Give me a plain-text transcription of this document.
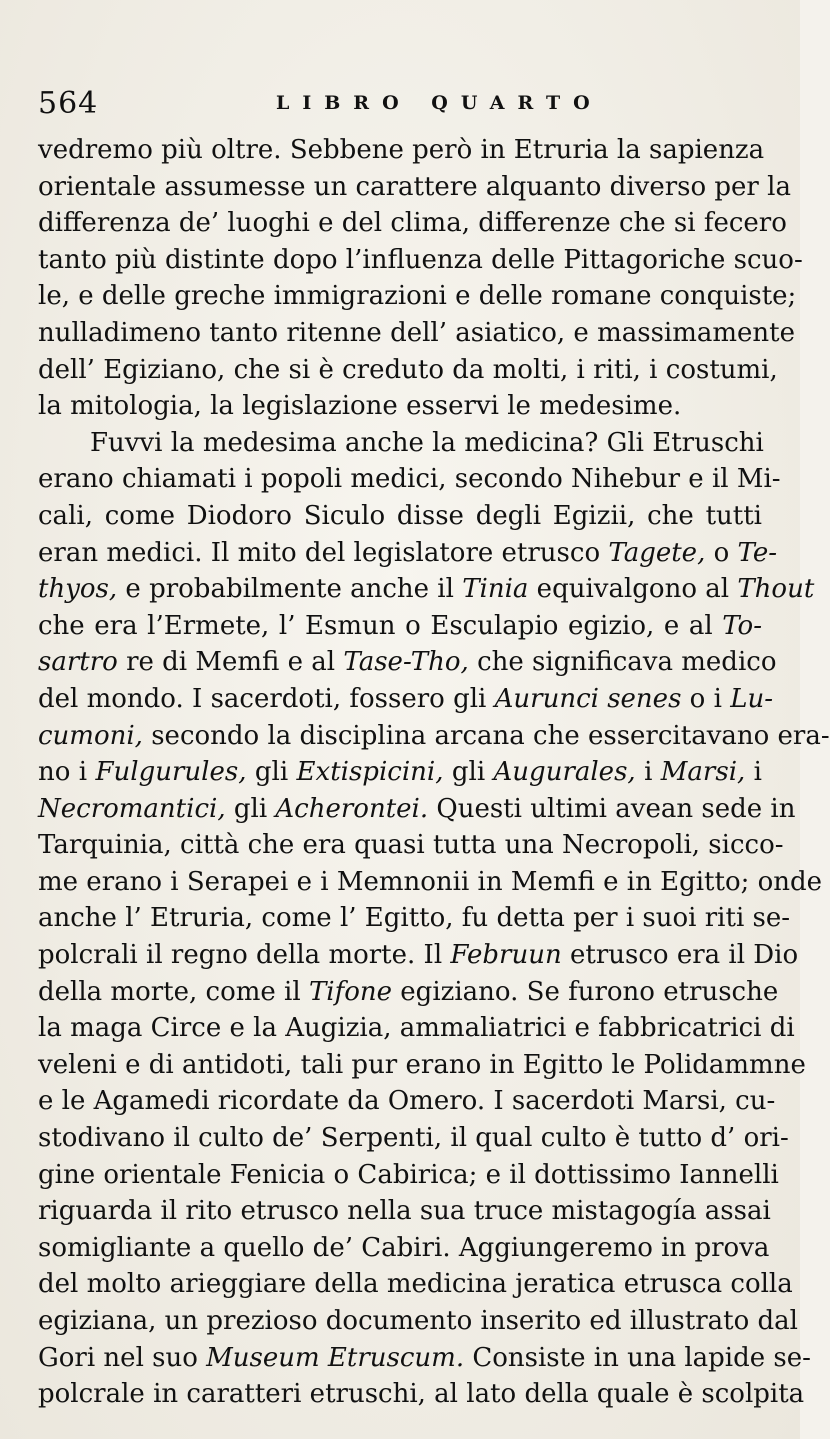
564	LIBRO QUARTO
vedremo più oltre. Sebbene però in Etruria la sapienza
orientale assumesse un carattere alquanto diverso per la
differenza de’ luoghi e del clima, differenze che si fecero
tanto più distinte dopo l’influenza delle Pittagoriche scuo-
le, e delle greche immigrazioni e delle romane conquiste;
nulladimeno tanto ritenne dell’ asiatico, e massimamente
dell’ Egiziano, che si è creduto da molti, i riti, i costumi,
la mitologia, la legislazione esservi le medesime.
Fuvvi la medesima anche la medicina? Gli Etruschi
erano chiamati i popoli medici, secondo Nihebur e il Mi-
cali, come Diodoro Siculo disse degli Egizii, che tutti
eran medici. Il mito del legislatore etrusco Tagete, o Te-
thyos, e probabilmente anche il Tinia equivalgono al Thout
che era l’Ermete, l’ Esmun o Esculapio egizio, e al To-
sartro re di Memfi e al Tase-Tho, che significava medico
del mondo. I sacerdoti, fossero gli Aurunci senes o i Lu-
cumoni, secondo la disciplina arcana che essercitavano era-
no i Fulgurules, gli Extispicini, gli Augurales, i Marsi, i
Necromantici, gli Acherontei. Questi ultimi avean sede in
Tarquinia, città che era quasi tutta una Necropoli, sicco-
me erano i Serapei e i Memnonii in Memfi e in Egitto; onde
anche l’ Etruria, come l’ Egitto, fu detta per i suoi riti se-
polcrali il regno della morte. Il Februun etrusco era il Dio
della morte, come il Tifone egiziano. Se furono etrusche
la maga Circe e la Augizia, ammaliatrici e fabbricatrici di
veleni e di antidoti, tali pur erano in Egitto le Polidammne
e le Agamedi ricordate da Omero. I sacerdoti Marsi, cu-
stodivano il culto de’ Serpenti, il qual culto è tutto d’ ori-
gine orientale Fenicia o Cabirica; e il dottissimo Iannelli
riguarda il rito etrusco nella sua truce mistagogía assai
somigliante a quello de’ Cabiri. Aggiungeremo in prova
del molto arieggiare della medicina jeratica etrusca colla
egiziana, un prezioso documento inserito ed illustrato dal
Gori nel suo Museum Etruscum. Consiste in una lapide se-
polcrale in caratteri etruschi, al lato della quale è scolpita
